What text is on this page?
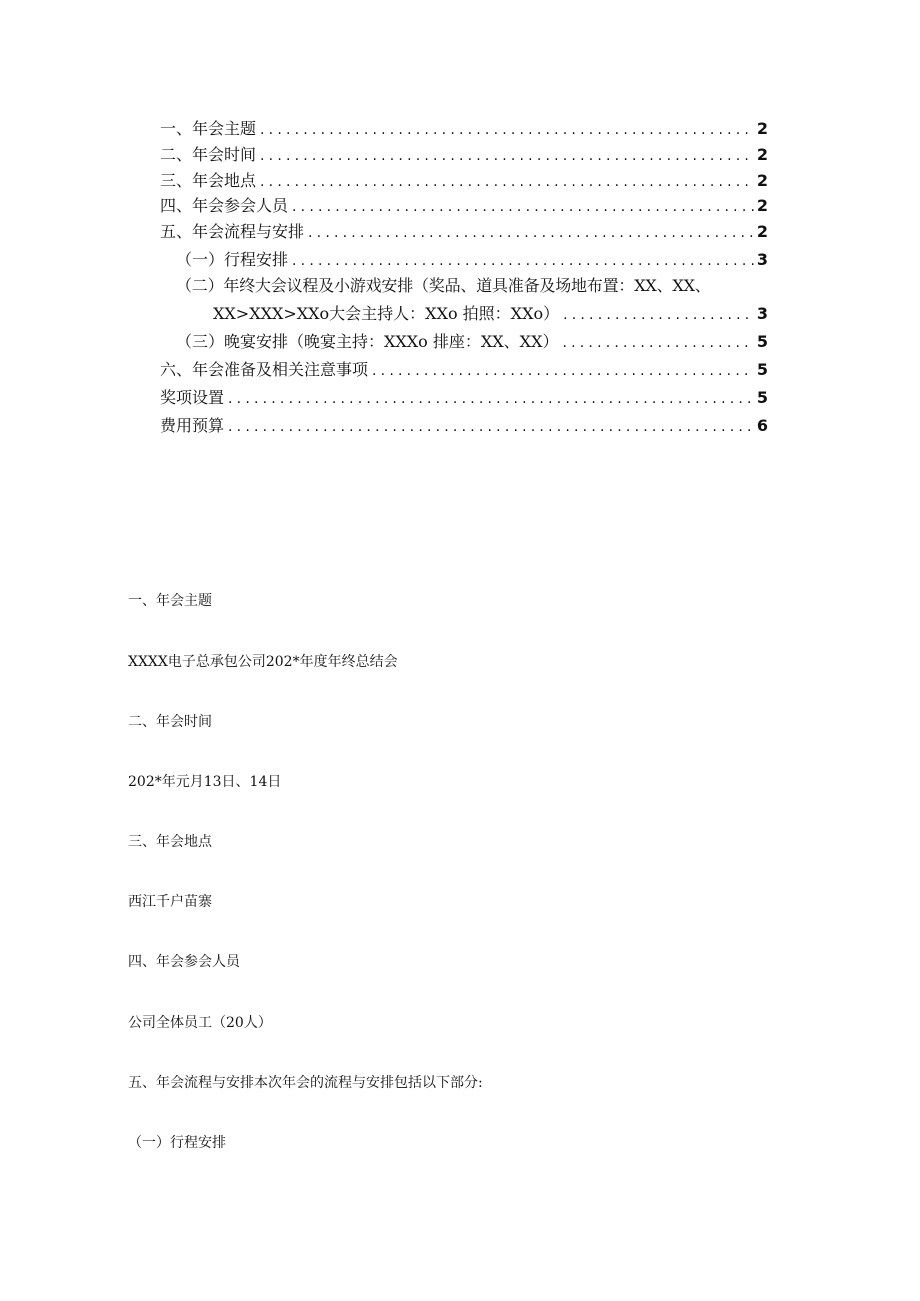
一、年会主题 .....	2
二、年会时间 .....	2
三、年会地点 .....	2
四、年会参会人员 .....	2
五、年会流程与安排 .....	2
（一）行程安排 .....	3
（二）年终大会议程及小游戏安排（奖品、道具准备及场地布置：XX、XX、
XX>XXX>XXo大会主持人：XXo 拍照：XXo） .....	3
（三）晚宴安排（晚宴主持：XXXo 排座：XX、XX） .....	5
六、年会准备及相关注意事项 .....	5
奖项设置 .....	5
费用预算 .....	6
一、年会主题
XXXX电子总承包公司202*年度年终总结会
二、年会时间
202*年元月13日、14日
三、年会地点
西江千户苗寨
四、年会参会人员
公司全体员工（20人）
五、年会流程与安排本次年会的流程与安排包括以下部分:
（一）行程安排
